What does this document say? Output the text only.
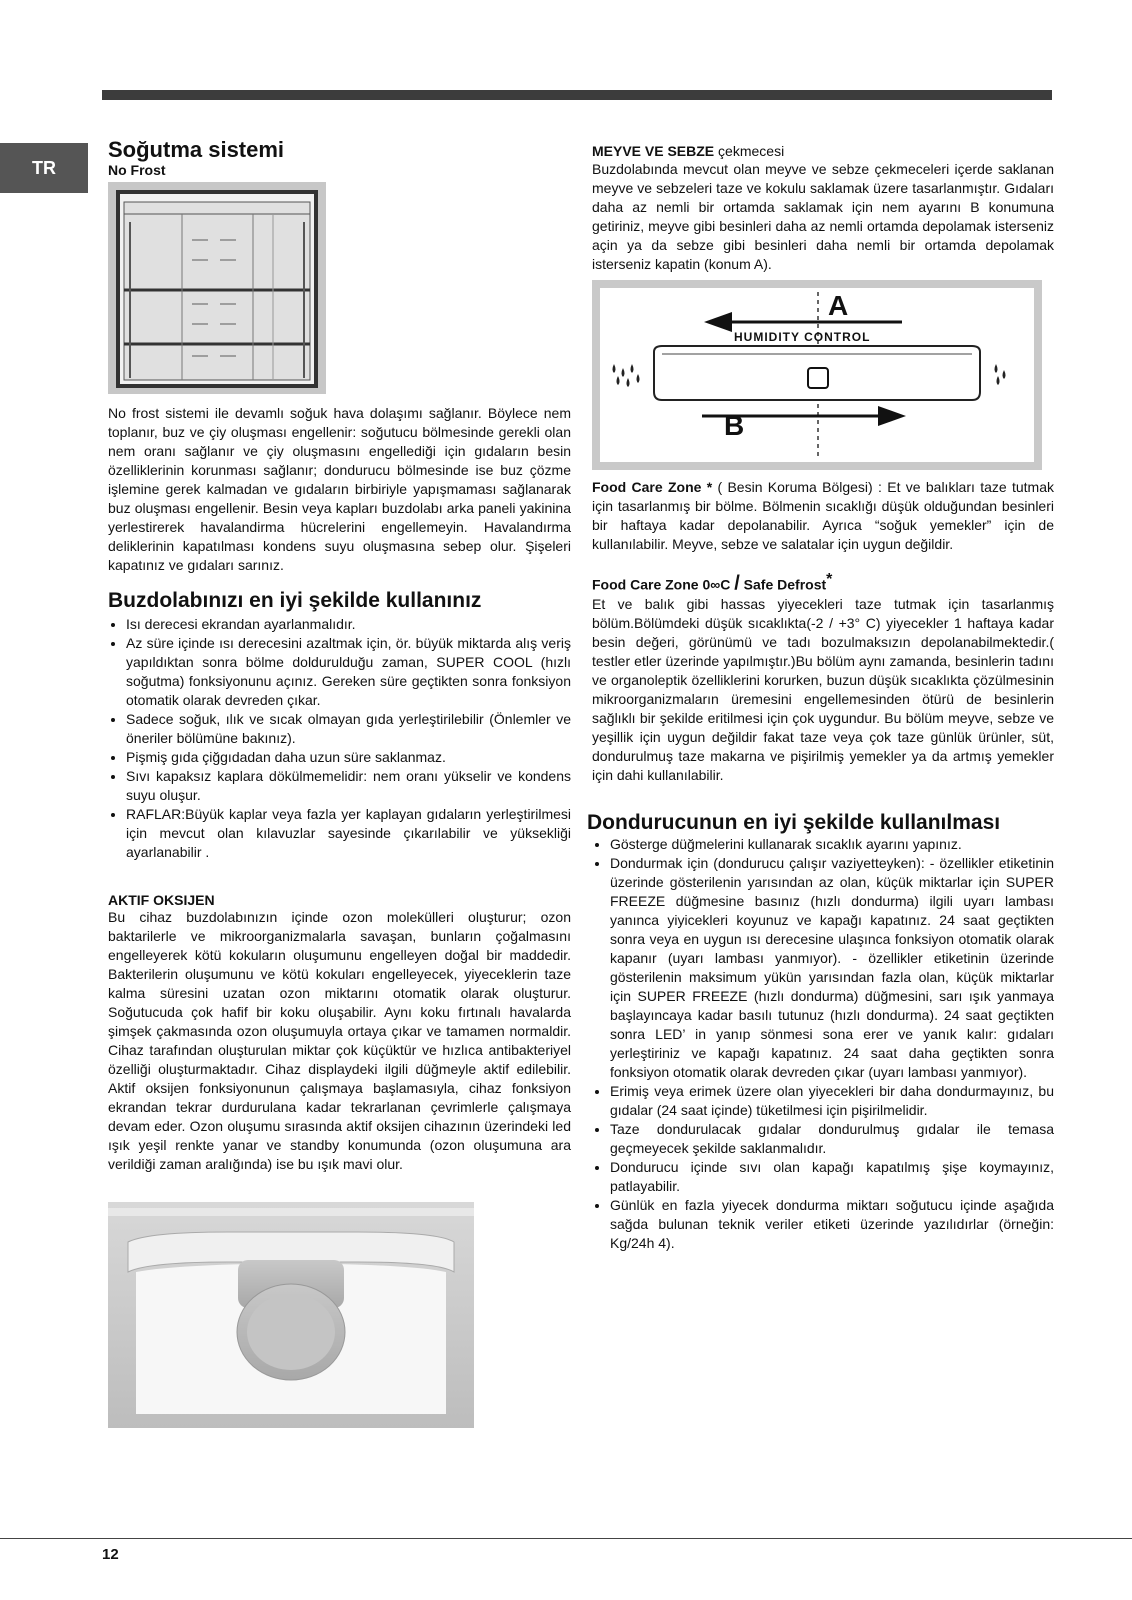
TR
Soğutma sistemi
No Frost

No frost sistemi ile devamlı soğuk hava dolaşımı sağlanır. Böylece nem toplanır, buz ve çiy oluşması engellenir: soğutucu bölmesinde gerekli olan nem oranı sağlanır ve çiy oluşmasını engellediği için gıdaların besin özelliklerinin korunması sağlanır; dondurucu bölmesinde ise buz çözme işlemine gerek kalmadan ve gıdaların birbiriyle yapışmaması sağlanarak buz oluşması engellenir. Besin veya kapları buzdolabı arka paneli yakinina yerlestirerek havalandirma hücrelerini engellemeyin. Havalandırma deliklerinin kapatılması kondens suyu oluşmasına sebep olur. Şişeleri kapatınız ve gıdaları sarınız.

Buzdolabınızı en iyi şekilde kullanınız
• Isı derecesi ekrandan ayarlanmalıdır.
• Az süre içinde ısı derecesini azaltmak için, ör. büyük miktarda alış veriş yapıldıktan sonra bölme doldurulduğu zaman, SUPER COOL (hızlı soğutma) fonksiyonunu açınız. Gereken süre geçtikten sonra fonksiyon otomatik olarak devreden çıkar.
• Sadece soğuk, ılık ve sıcak olmayan gıda yerleştirilebilir (Önlemler ve öneriler bölümüne bakınız).
• Pişmiş gıda çiğgıdadan daha uzun süre saklanmaz.
• Sıvı kapaksız kaplara dökülmemelidir: nem oranı yükselir ve kondens suyu oluşur.
• RAFLAR:Büyük kaplar veya fazla yer kaplayan gıdaların yerleştirilmesi için mevcut olan kılavuzlar sayesinde çıkarılabilir ve yüksekliği ayarlanabilir .
AKTIF OKSIJEN

Bu cihaz buzdolabınızın içinde ozon molekülleri oluşturur; ozon baktarilerle ve mikroorganizmalarla savaşan, bunların çoğalmasını engelleyerek kötü kokuların oluşumunu engelleyen doğal bir maddedir. Bakterilerin oluşumunu ve kötü kokuları engelleyecek, yiyeceklerin taze kalma süresini uzatan ozon miktarını otomatik olarak oluşturur. Soğutucuda çok hafif bir koku oluşabilir. Aynı koku fırtınalı havalarda şimşek çakmasında ozon oluşumuyla ortaya çıkar ve tamamen normaldir. Cihaz tarafından oluşturulan miktar çok küçüktür ve hızlıca antibakteriyel özelliği oluşturmaktadır. Cihaz displaydeki ilgili düğmeyle aktif edilebilir. Aktif oksijen fonksiyonunun çalışmaya başlamasıyla, cihaz fonksiyon ekrandan tekrar durdurulana kadar tekrarlanan çevrimlerle çalışmaya devam eder. Ozon oluşumu sırasında aktif oksijen cihazının üzerindeki led ışık yeşil renkte yanar ve standby konumunda (ozon oluşumuna ara verildiği zaman aralığında) ise bu ışık mavi olur.

MEYVE VE SEBZE çekmecesi

Buzdolabında mevcut olan meyve ve sebze çekmeceleri içerde saklanan meyve ve sebzeleri taze ve kokulu saklamak üzere tasarlanmıştır. Gıdaları daha az nemli bir ortamda saklamak için nem ayarını B konumuna getiriniz, meyve gibi besinleri daha az nemli ortamda depolamak isterseniz açin ya da sebze gibi besinleri daha nemli bir ortamda depolamak isterseniz kapatin (konum A).

A
HUMIDITY CONTROL
B

Food Care Zone * ( Besin Koruma Bölgesi) : Et ve balıkları taze tutmak için tasarlanmış bir bölme. Bölmenin sıcaklığı düşük olduğundan besinleri bir haftaya kadar depolanabilir. Ayrıca “soğuk yemekler” için de kullanılabilir. Meyve, sebze ve salatalar için uygun değildir.

Food Care Zone 0∞C / Safe Defrost*

Et ve balık gibi hassas yiyecekleri taze tutmak için tasarlanmış bölüm.Bölümdeki düşük sıcaklıkta(-2 / +3° C) yiyecekler 1 haftaya kadar besin değeri, görünümü ve tadı bozulmaksızın depolanabilmektedir.( testler etler üzerinde yapılmıştır.)Bu bölüm aynı zamanda, besinlerin tadını ve organoleptik özelliklerini korurken, buzun düşük sıcaklıkta çözülmesinin mikroorganizmaların üremesini engellemesinden ötürü de besinlerin sağlıklı bir şekilde eritilmesi için çok uygundur. Bu bölüm meyve, sebze ve yeşillik için uygun değildir fakat taze veya çok taze günlük ürünler, süt, dondurulmuş taze makarna ve pişirilmiş yemekler ya da artmış yemekler için dahi kullanılabilir.

Dondurucunun en iyi şekilde kullanılması
• Gösterge düğmelerini kullanarak sıcaklık ayarını yapınız.
• Dondurmak için (dondurucu çalışır vaziyetteyken): - özellikler etiketinin üzerinde gösterilenin yarısından az olan, küçük miktarlar için SUPER FREEZE düğmesine basınız (hızlı dondurma) ilgili uyarı lambası yanınca yiyicekleri koyunuz ve kapağı kapatınız. 24 saat geçtikten sonra veya en uygun ısı derecesine ulaşınca fonksiyon otomatik olarak kapanır (uyarı lambası yanmıyor). - özellikler etiketinin üzerinde gösterilenin maksimum yükün yarısından fazla olan, küçük miktarlar için SUPER FREEZE (hızlı dondurma) düğmesini, sarı ışık yanmaya başlayıncaya kadar basılı tutunuz (hızlı dondurma). 24 saat geçtikten sonra LED’ in yanıp sönmesi sona erer ve yanık kalır: gıdaları yerleştiriniz ve kapağı kapatınız. 24 saat daha geçtikten sonra fonksiyon otomatik olarak devreden çıkar (uyarı lambası yanmıyor).
• Erimiş veya erimek üzere olan yiyecekleri bir daha dondurmayınız, bu gıdalar (24 saat içinde) tüketilmesi için pişirilmelidir.
• Taze dondurulacak gıdalar dondurulmuş gıdalar ile temasa geçmeyecek şekilde saklanmalıdır.
• Dondurucu içinde sıvı olan kapağı kapatılmış şişe koymayınız, patlayabilir.
• Günlük en fazla yiyecek dondurma miktarı soğutucu içinde aşağıda sağda bulunan teknik veriler etiketi üzerinde yazılıdırlar (örneğin: Kg/24h 4).
12
